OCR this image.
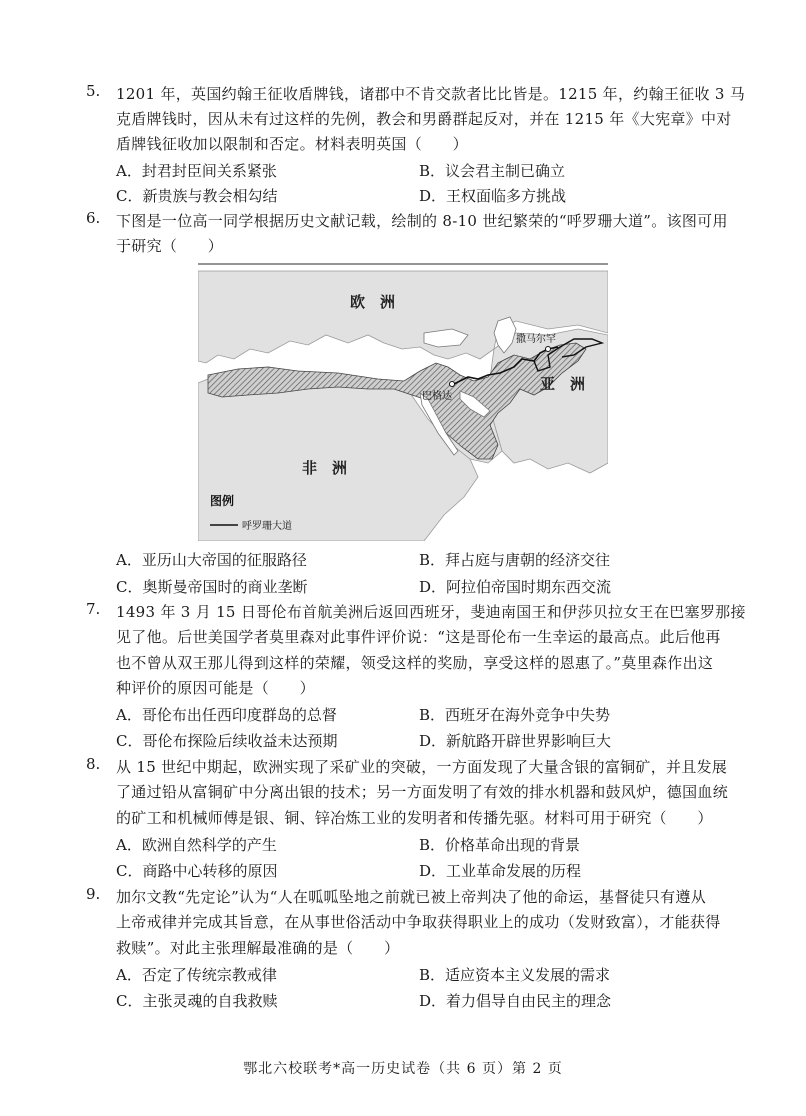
5.	1201 年，英国约翰王征收盾牌钱，诸郡中不肯交款者比比皆是。1215 年，约翰王征收 3 马
克盾牌钱时，因从未有过这样的先例，教会和男爵群起反对，并在 1215 年《大宪章》中对
盾牌钱征收加以限制和否定。材料表明英国（　　）
A．封君封臣间关系紧张	B．议会君主制已确立
C．新贵族与教会相勾结	D．王权面临多方挑战
6.	下图是一位高一同学根据历史文献记载，绘制的 8-10 世纪繁荣的“呼罗珊大道”。该图可用
于研究（　　）
A．亚历山大帝国的征服路径	B．拜占庭与唐朝的经济交往
C．奥斯曼帝国时的商业垄断	D．阿拉伯帝国时期东西交流
欧　洲
亚　洲
非　洲
撒马尔罕
巴格达
图例
呼罗珊大道
7.	1493 年 3 月 15 日哥伦布首航美洲后返回西班牙，斐迪南国王和伊莎贝拉女王在巴塞罗那接
见了他。后世美国学者莫里森对此事件评价说：“这是哥伦布一生幸运的最高点。此后他再
也不曾从双王那儿得到这样的荣耀，领受这样的奖励，享受这样的恩惠了。”莫里森作出这
种评价的原因可能是（　　）
A．哥伦布出任西印度群岛的总督	B．西班牙在海外竞争中失势
C．哥伦布探险后续收益未达预期	D．新航路开辟世界影响巨大
8.	从 15 世纪中期起，欧洲实现了采矿业的突破，一方面发现了大量含银的富铜矿，并且发展
了通过铅从富铜矿中分离出银的技术；另一方面发明了有效的排水机器和鼓风炉，德国血统
的矿工和机械师傅是银、铜、锌冶炼工业的发明者和传播先驱。材料可用于研究（　　）
A．欧洲自然科学的产生	B．价格革命出现的背景
C．商路中心转移的原因	D．工业革命发展的历程
9.	加尔文教“先定论”认为“人在呱呱坠地之前就已被上帝判决了他的命运，基督徒只有遵从
上帝戒律并完成其旨意，在从事世俗活动中争取获得职业上的成功（发财致富），才能获得
救赎”。对此主张理解最准确的是（　　）
A．否定了传统宗教戒律	B．适应资本主义发展的需求
C．主张灵魂的自我救赎	D．着力倡导自由民主的理念
鄂北六校联考*高一历史试卷（共 6 页）第 2 页
